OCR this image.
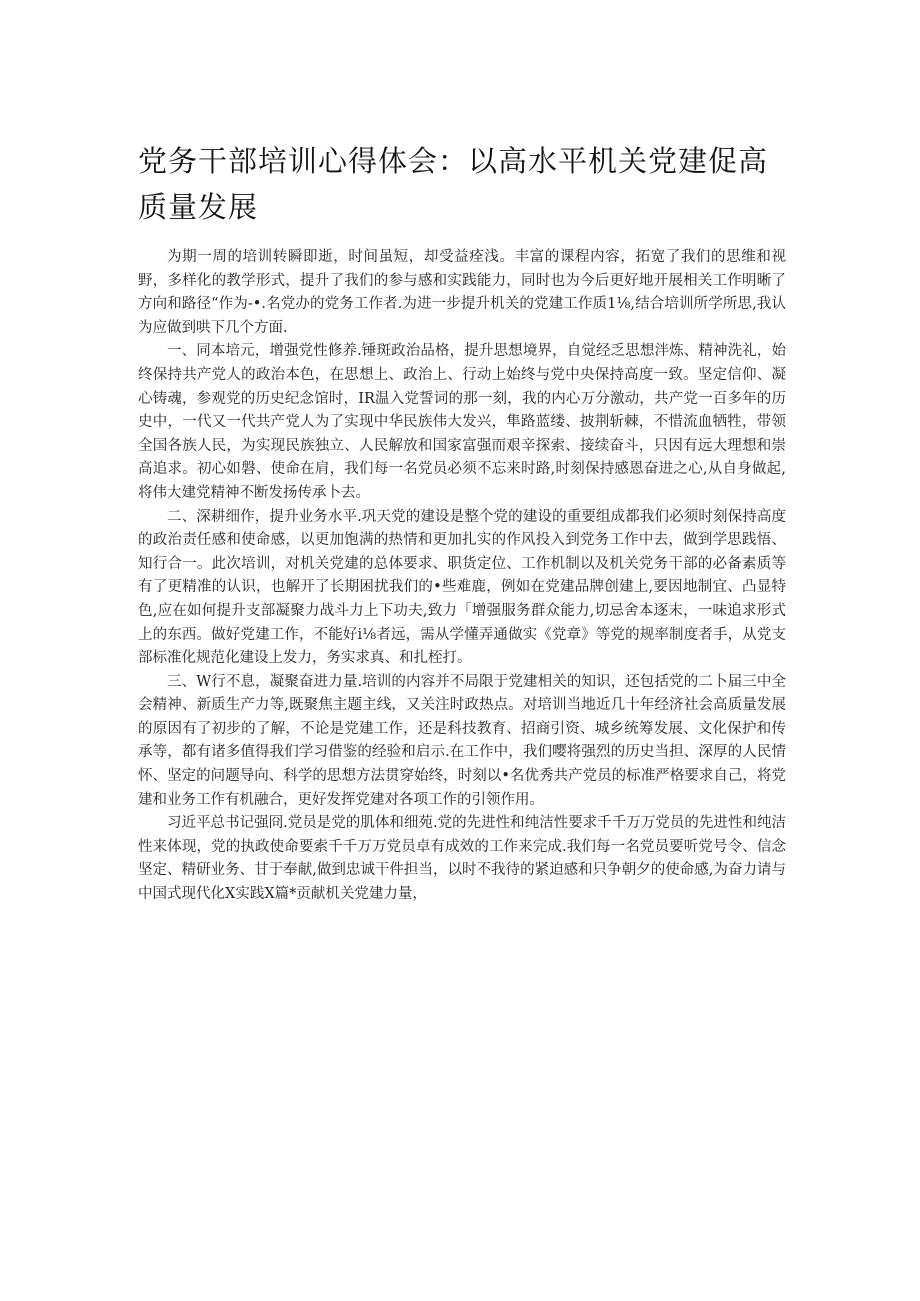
党务干部培训心得体会：以高水平机关党建促高质量发展

为期一周的培训转瞬即逝，时间虽短，却受益痊浅。丰富的课程内容，拓宽了我们的思维和视野，多样化的教学形式，提升了我们的参与感和实践能力，同时也为今后更好地开展相关工作明晰了方向和路径“作为-•.名党办的党务工作者.为进一步提升机关的党建工作质1⅛,结合培训所学所思,我认为应做到哄下几个方面.

一、同本培元，增强党性修养.锤斑政治品格，提升思想境界，自觉经乏思想泮炼、精神洗礼，始终保持共产党人的政治本色，在思想上、政治上、行动上始终与党中央保持高度一致。坚定信仰、凝心铸魂，参观党的历史纪念馆时，IR温入党誓词的那一刻，我的内心万分激动，共产党一百多年的历史中，一代又一代共产党人为了实现中华民族伟大发兴，隼路蓝缕、披荆斩棘，不惜流血牺牲，带领全国各族人民，为实现民族独立、人民解放和国家富强而艰辛探索、接续奋斗，只因有远大理想和崇高追求。初心如磐、使命在肩，我们每一名党员必须不忘来时路,时刻保持感恩奋进之心,从自身做起,将伟大建党精神不断发扬传承卜去。

二、深耕细作，提升业务水平.巩天党的建设是整个党的建设的重要组成都我们必须时刻保持高度的政治责任感和使命感，以更加饱满的热情和更加扎实的作风投入到党务工作中去，做到学思践悟、知行合一。此次培训，对机关党建的总体要求、职货定位、工作机制以及机关党务干部的必备素质等有了更精准的认识，也解开了长期困扰我们的•些难鹿，例如在党建品牌创建上,要因地制宜、凸显特色,应在如何提升支部凝聚力战斗力上下功夫,致力「增强服务群众能力,切忌舍本逐末，一味追求形式上的东西。做好党建工作，不能好i⅛者远，需从学懂弄通做实《党章》等党的规率制度者手，从党支部标准化规范化建设上发力，务实求真、和扎桎打。

三、W行不息，凝聚奋进力量.培训的内容并不局限于党建相关的知识，还包括党的二卜届三中全会精神、新质生产力等,既聚焦主题主线，又关注时政热点。对培训当地近几十年经济社会高质量发展的原因有了初步的了解，不论是党建工作，还是科技教育、招商引资、城乡统筹发展、文化保护和传承等，都有诸多值得我们学习借鉴的经验和启示.在工作中，我们嘤将强烈的历史当担、深厚的人民情怀、坚定的问题导向、科学的思想方法贯穿始终，时刻以•名优秀共产党员的标准严格要求自己，将党建和业务工作有机融合，更好发挥党建对各项工作的引领作用。

习近平总书记强冏.党员是党的肌体和细苑.党的先进性和纯洁性要求千千万万党员的先进性和纯洁性来体现，党的执政使命要索千千万万党员卓有成效的工作来完成.我们每一名党员要听党号令、信念坚定、精研业务、甘于奉献,做到忠诚干件担当，以时不我待的紧迫感和只争朝夕的使命感,为奋力请与中国式现代化X实践X篇*贡献机关党建力量，
